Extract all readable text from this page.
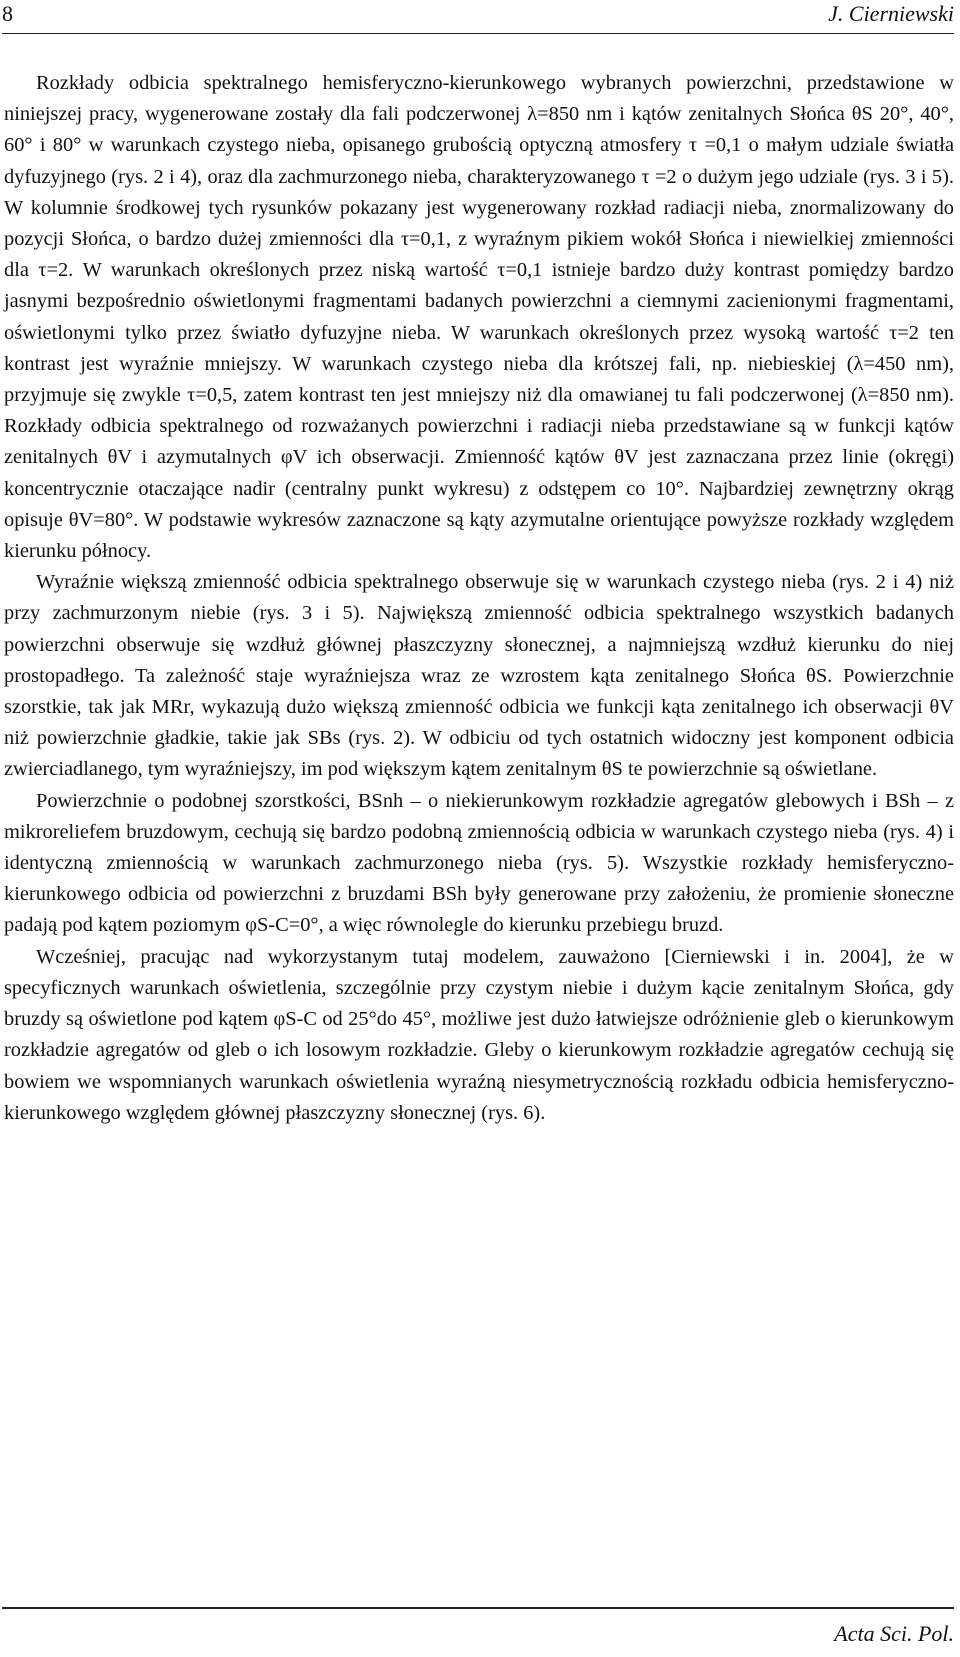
8	J. Cierniewski

Rozkłady odbicia spektralnego hemisferyczno-kierunkowego wybranych powierzchni, przedstawione w niniejszej pracy, wygenerowane zostały dla fali podczerwonej λ=850 nm i kątów zenitalnych Słońca θS 20°, 40°, 60° i 80° w warunkach czystego nieba, opisanego grubością optyczną atmosfery τ =0,1 o małym udziale światła dyfuzyjnego (rys. 2 i 4), oraz dla zachmurzonego nieba, charakteryzowanego τ =2 o dużym jego udziale (rys. 3 i 5). W kolumnie środkowej tych rysunków pokazany jest wygenerowany rozkład radiacji nieba, znormalizowany do pozycji Słońca, o bardzo dużej zmienności dla τ=0,1, z wyraźnym pikiem wokół Słońca i niewielkiej zmienności dla τ=2. W warunkach określonych przez niską wartość τ=0,1 istnieje bardzo duży kontrast pomiędzy bardzo jasnymi bezpośrednio oświetlonymi fragmentami badanych powierzchni a ciemnymi zacienionymi fragmentami, oświetlonymi tylko przez światło dyfuzyjne nieba. W warunkach określonych przez wysoką wartość τ=2 ten kontrast jest wyraźnie mniejszy. W warunkach czystego nieba dla krótszej fali, np. niebieskiej (λ=450 nm), przyjmuje się zwykle τ=0,5, zatem kontrast ten jest mniejszy niż dla omawianej tu fali podczerwonej (λ=850 nm). Rozkłady odbicia spektralnego od rozważanych powierzchni i radiacji nieba przedstawiane są w funkcji kątów zenitalnych θV i azymutalnych φV ich obserwacji. Zmienność kątów θV jest zaznaczana przez linie (okręgi) koncentrycznie otaczające nadir (centralny punkt wykresu) z odstępem co 10°. Najbardziej zewnętrzny okrąg opisuje θV=80°. W podstawie wykresów zaznaczone są kąty azymutalne orientujące powyższe rozkłady względem kierunku północy.

Wyraźnie większą zmienność odbicia spektralnego obserwuje się w warunkach czystego nieba (rys. 2 i 4) niż przy zachmurzonym niebie (rys. 3 i 5). Największą zmienność odbicia spektralnego wszystkich badanych powierzchni obserwuje się wzdłuż głównej płaszczyzny słonecznej, a najmniejszą wzdłuż kierunku do niej prostopadłego. Ta zależność staje wyraźniejsza wraz ze wzrostem kąta zenitalnego Słońca θS. Powierzchnie szorstkie, tak jak MRr, wykazują dużo większą zmienność odbicia we funkcji kąta zenitalnego ich obserwacji θV niż powierzchnie gładkie, takie jak SBs (rys. 2). W odbiciu od tych ostatnich widoczny jest komponent odbicia zwierciadlanego, tym wyraźniejszy, im pod większym kątem zenitalnym θS te powierzchnie są oświetlane.

Powierzchnie o podobnej szorstkości, BSnh – o niekierunkowym rozkładzie agregatów glebowych i BSh – z mikroreliefem bruzdowym, cechują się bardzo podobną zmiennością odbicia w warunkach czystego nieba (rys. 4) i identyczną zmiennością w warunkach zachmurzonego nieba (rys. 5). Wszystkie rozkłady hemisferyczno-kierunkowego odbicia od powierzchni z bruzdami BSh były generowane przy założeniu, że promienie słoneczne padają pod kątem poziomym φS-C=0°, a więc równolegle do kierunku przebiegu bruzd.

Wcześniej, pracując nad wykorzystanym tutaj modelem, zauważono [Cierniewski i in. 2004], że w specyficznych warunkach oświetlenia, szczególnie przy czystym niebie i dużym kącie zenitalnym Słońca, gdy bruzdy są oświetlone pod kątem φS-C od 25°do 45°, możliwe jest dużo łatwiejsze odróżnienie gleb o kierunkowym rozkładzie agregatów od gleb o ich losowym rozkładzie. Gleby o kierunkowym rozkładzie agregatów cechują się bowiem we wspomnianych warunkach oświetlenia wyraźną niesymetrycznością rozkładu odbicia hemisferyczno-kierunkowego względem głównej płaszczyzny słonecznej (rys. 6).

Acta Sci. Pol.
